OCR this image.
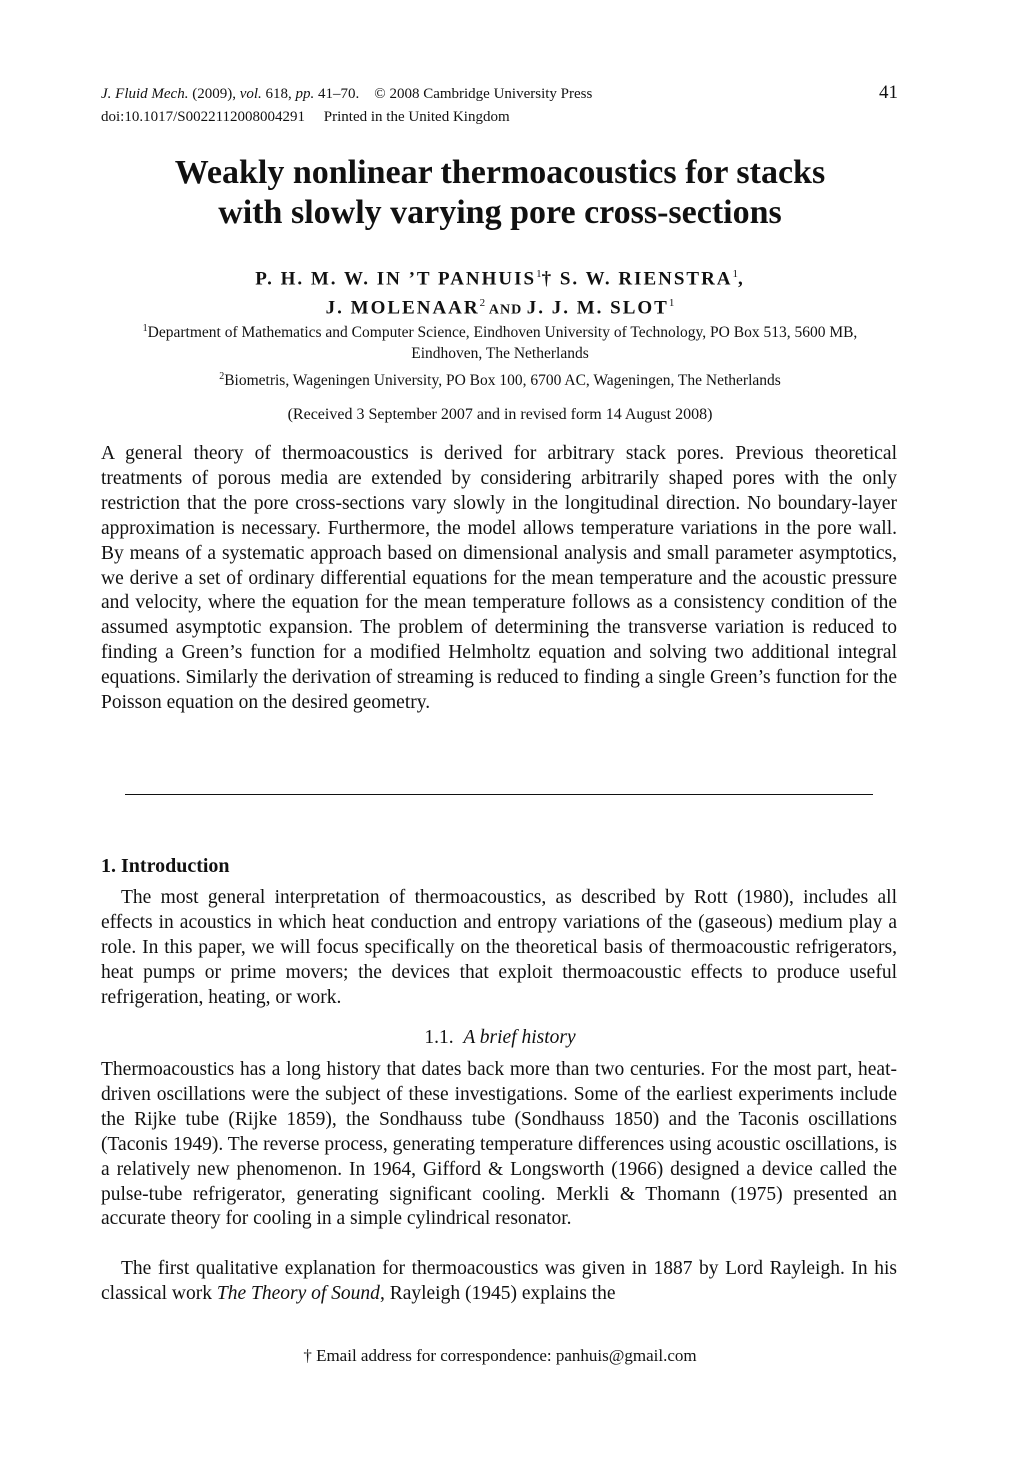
J. Fluid Mech. (2009), vol. 618, pp. 41–70. © 2008 Cambridge University Press
doi:10.1017/S0022112008004291 Printed in the United Kingdom
41
Weakly nonlinear thermoacoustics for stacks
with slowly varying pore cross-sections
P. H. M. W. IN ’T PANHUIS$^1$† S. W. RIENSTRA$^1$,
J. MOLENAAR$^2$ AND J. J. M. SLOT$^1$
$^1$Department of Mathematics and Computer Science, Eindhoven University of Technology, PO Box 513, 5600 MB, Eindhoven, The Netherlands
$^2$Biometris, Wageningen University, PO Box 100, 6700 AC, Wageningen, The Netherlands
(Received 3 September 2007 and in revised form 14 August 2008)
A general theory of thermoacoustics is derived for arbitrary stack pores. Previous theoretical treatments of porous media are extended by considering arbitrarily shaped pores with the only restriction that the pore cross-sections vary slowly in the longitudinal direction. No boundary-layer approximation is necessary. Furthermore, the model allows temperature variations in the pore wall. By means of a systematic approach based on dimensional analysis and small parameter asymptotics, we derive a set of ordinary differential equations for the mean temperature and the acoustic pressure and velocity, where the equation for the mean temperature follows as a consistency condition of the assumed asymptotic expansion. The problem of determining the transverse variation is reduced to finding a Green’s function for a modified Helmholtz equation and solving two additional integral equations. Similarly the derivation of streaming is reduced to finding a single Green’s function for the Poisson equation on the desired geometry.
1. Introduction

The most general interpretation of thermoacoustics, as described by Rott (1980), includes all effects in acoustics in which heat conduction and entropy variations of the (gaseous) medium play a role. In this paper, we will focus specifically on the theoretical basis of thermoacoustic refrigerators, heat pumps or prime movers; the devices that exploit thermoacoustic effects to produce useful refrigeration, heating, or work.

1.1. A brief history

Thermoacoustics has a long history that dates back more than two centuries. For the most part, heat-driven oscillations were the subject of these investigations. Some of the earliest experiments include the Rijke tube (Rijke 1859), the Sondhauss tube (Sondhauss 1850) and the Taconis oscillations (Taconis 1949). The reverse process, generating temperature differences using acoustic oscillations, is a relatively new phenomenon. In 1964, Gifford & Longsworth (1966) designed a device called the pulse-tube refrigerator, generating significant cooling. Merkli & Thomann (1975) presented an accurate theory for cooling in a simple cylindrical resonator.

The first qualitative explanation for thermoacoustics was given in 1887 by Lord Rayleigh. In his classical work The Theory of Sound, Rayleigh (1945) explains the

† Email address for correspondence: panhuis@gmail.com
